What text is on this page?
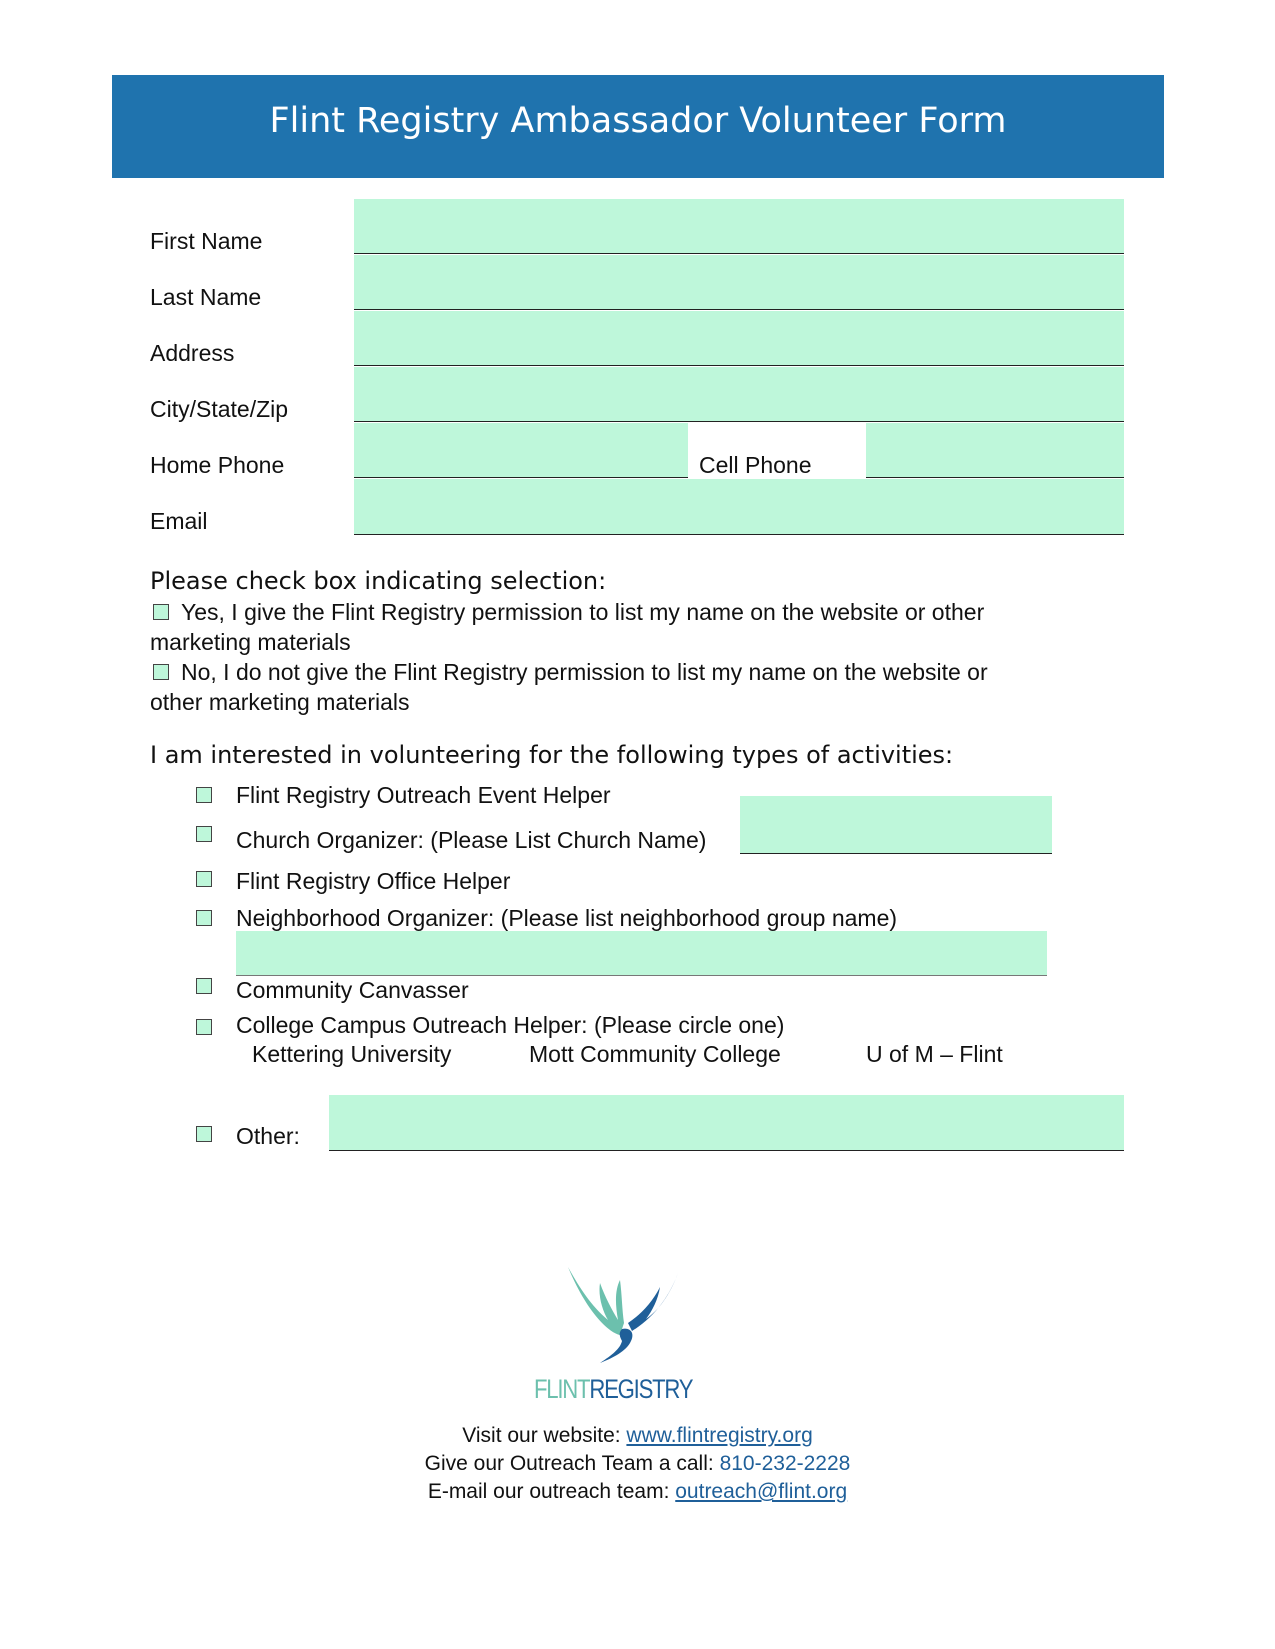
Flint Registry Ambassador Volunteer Form
First Name
Last Name
Address
City/State/Zip
Home Phone	Cell Phone
Email
Please check box indicating selection:
Yes, I give the Flint Registry permission to list my name on the website or other
marketing materials
No, I do not give the Flint Registry permission to list my name on the website or
other marketing materials
I am interested in volunteering for the following types of activities:
Flint Registry Outreach Event Helper
Church Organizer: (Please List Church Name)
Flint Registry Office Helper
Neighborhood Organizer: (Please list neighborhood group name)
Community Canvasser
College Campus Outreach Helper: (Please circle one)
Kettering University	Mott Community College	U of M – Flint
Other:
FLINTREGISTRY
Visit our website: www.flintregistry.org
Give our Outreach Team a call: 810-232-2228
E-mail our outreach team: outreach@flint.org
